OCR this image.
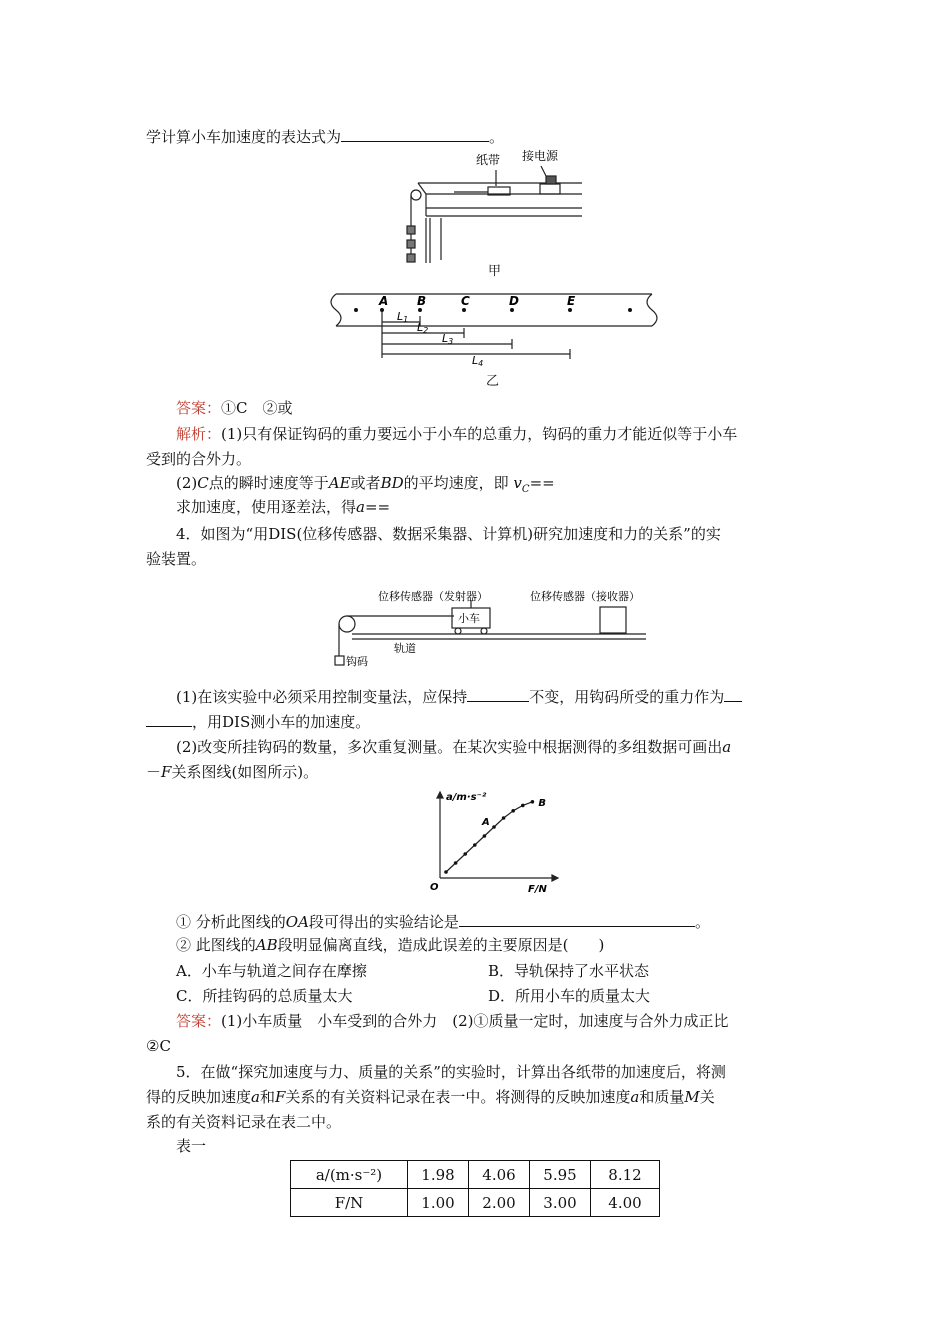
学计算小车加速度的表达式为	。
纸带 接电源
甲
A B	C	D	E
L1
L2
L3
L4
乙
答案：①C　②或
解析：(1)只有保证钩码的重力要远小于小车的总重力，钩码的重力才能近似等于小车
受到的合外力。
(2)C点的瞬时速度等于AE或者BD的平均速度，即 $v_C==$
求加速度，使用逐差法，得a==
4．如图为“用DIS(位移传感器、数据采集器、计算机)研究加速度和力的关系”的实
验装置。
位移传感器（发射器）	位移传感器（接收器）
小车
轨道
钩码
(1)在该实验中必须采用控制变量法，应保持	不变，用钩码所受的重力作为
，用DIS测小车的加速度。
(2)改变所挂钩码的数量，多次重复测量。在某次实验中根据测得的多组数据可画出a
－F关系图线(如图所示)。
a/m·s⁻²
F/N
O
A
B
① 分析此图线的OA段可得出的实验结论是	。
② 此图线的AB段明显偏离直线，造成此误差的主要原因是(　　)
A．小车与轨道之间存在摩擦	B．导轨保持了水平状态
C．所挂钩码的总质量太大	D．所用小车的质量太大
答案：(1)小车质量　小车受到的合外力　(2)①质量一定时，加速度与合外力成正比
②C
5．在做“探究加速度与力、质量的关系”的实验时，计算出各纸带的加速度后，将测
得的反映加速度a和F关系的有关资料记录在表一中。将测得的反映加速度a和质量M关
系的有关资料记录在表二中。
表一
a/(m·s⁻²)	1.98	4.06	5.95	8.12
F/N	1.00	2.00	3.00	4.00
